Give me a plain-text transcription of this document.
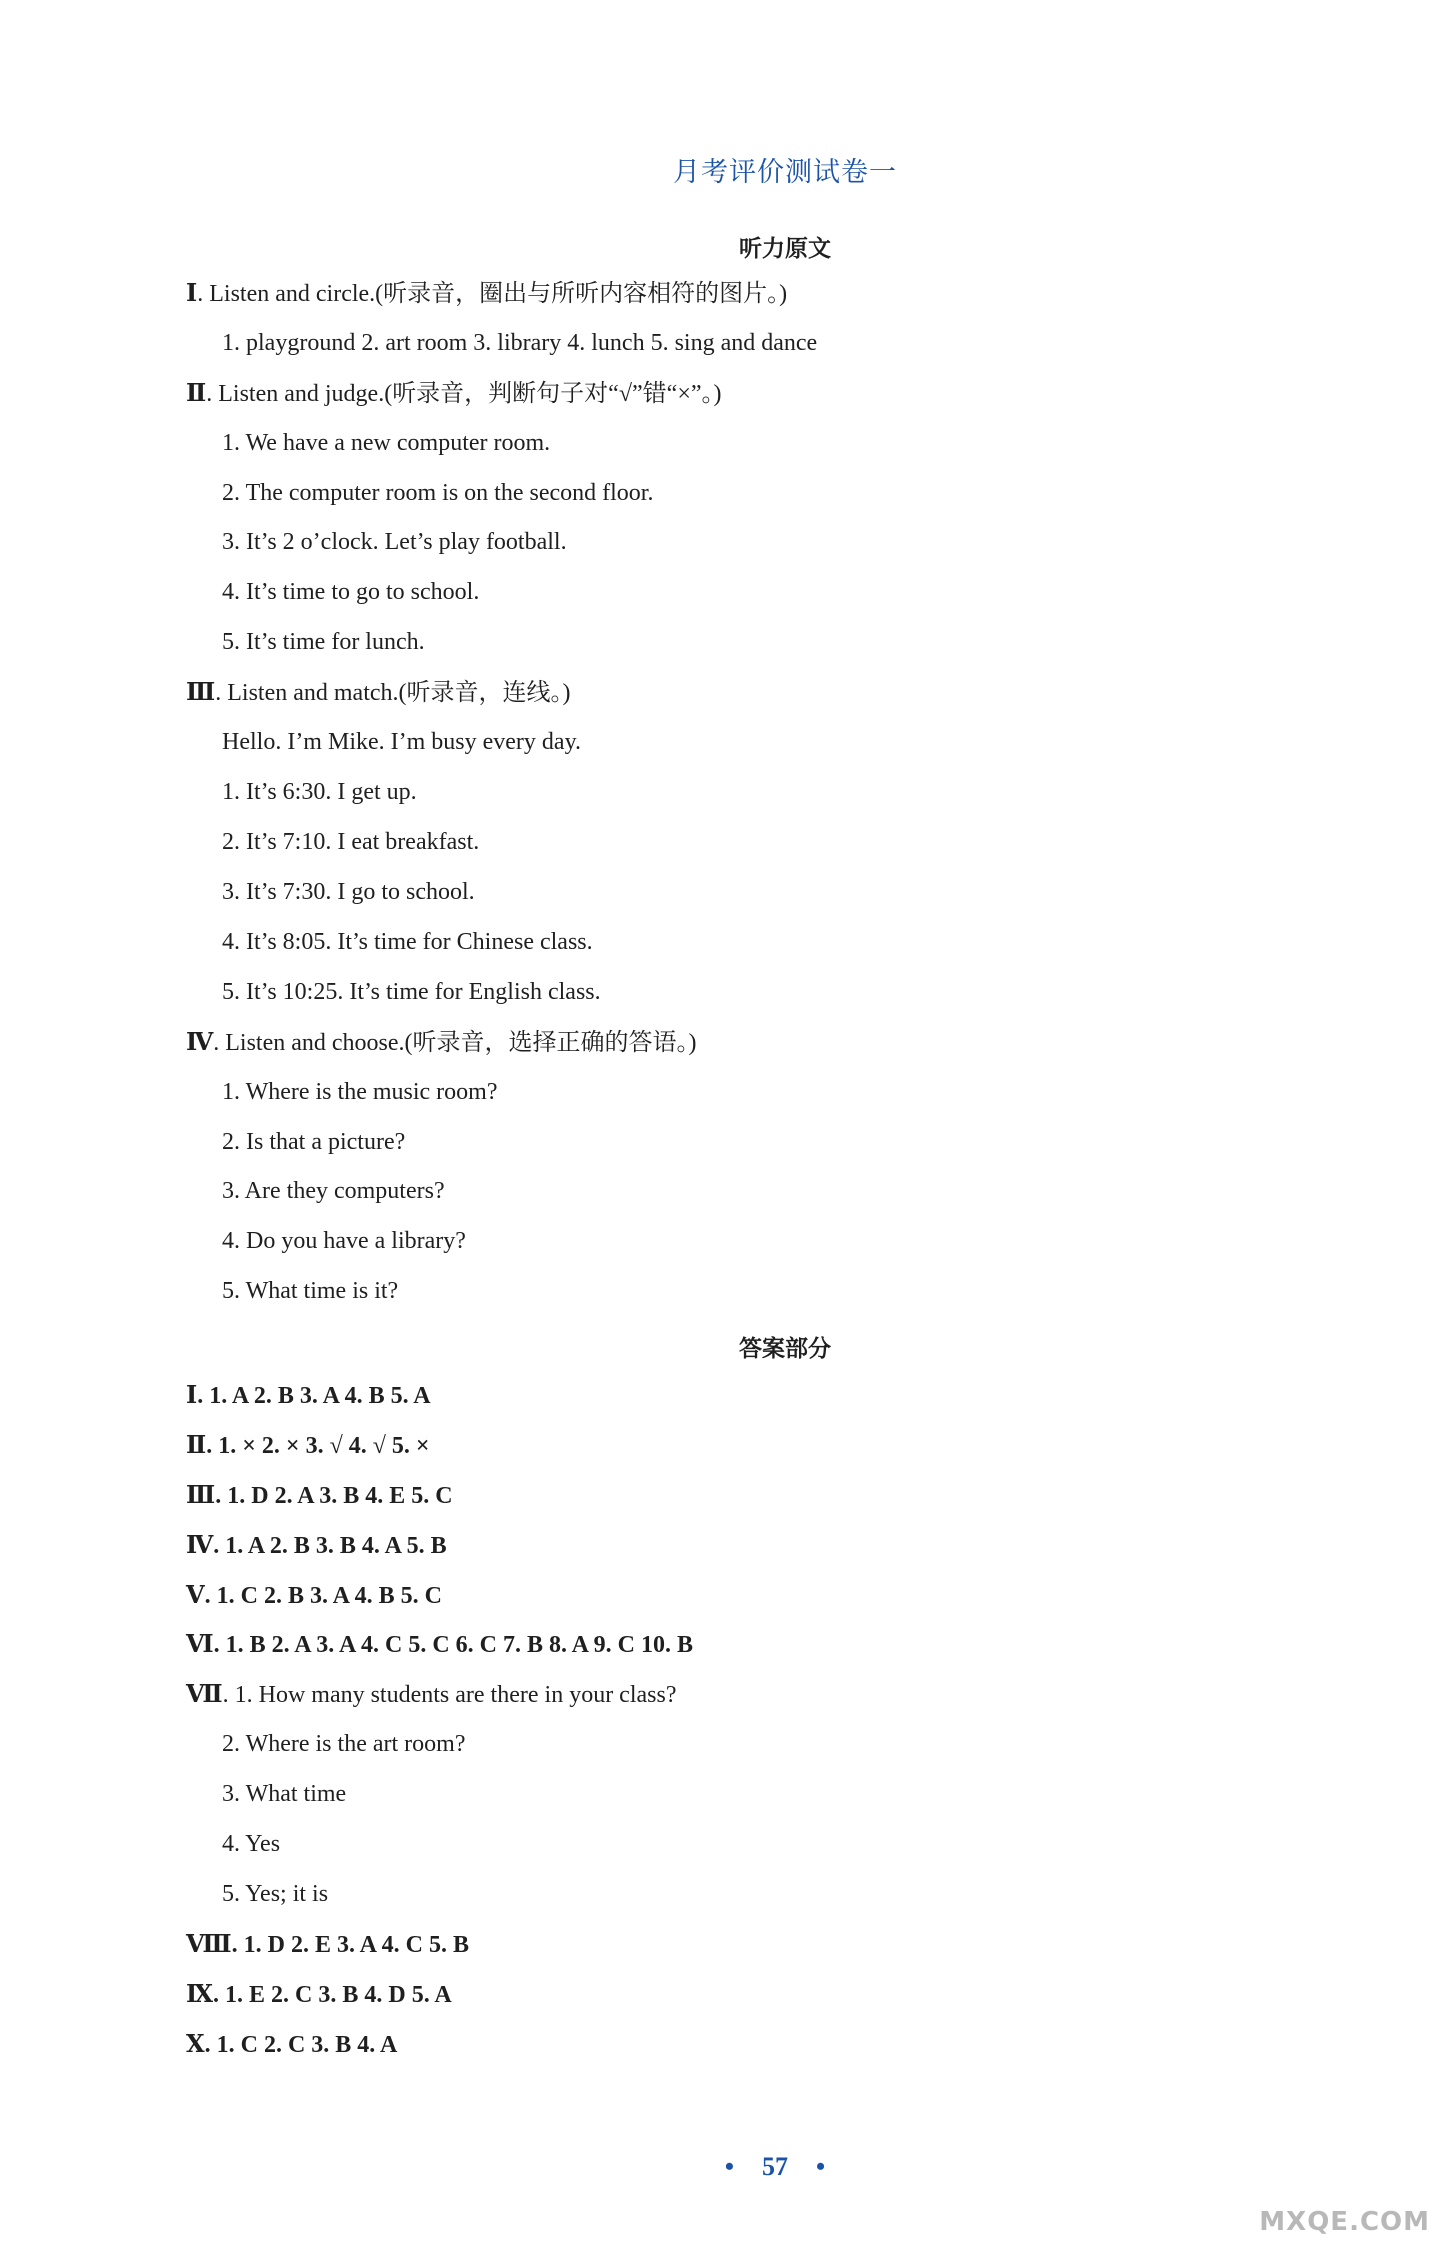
月考评价测试卷一
听力原文
Ⅰ. Listen and circle.(听录音，圈出与所听内容相符的图片。)
1. playground 2. art room 3. library 4. lunch 5. sing and dance
Ⅱ. Listen and judge.(听录音，判断句子对“√”错“×”。)
1. We have a new computer room.
2. The computer room is on the second floor.
3. It’s 2 o’clock. Let’s play football.
4. It’s time to go to school.
5. It’s time for lunch.
Ⅲ. Listen and match.(听录音，连线。)
Hello. I’m Mike. I’m busy every day.
1. It’s 6:30. I get up.
2. It’s 7:10. I eat breakfast.
3. It’s 7:30. I go to school.
4. It’s 8:05. It’s time for Chinese class.
5. It’s 10:25. It’s time for English class.
Ⅳ. Listen and choose.(听录音，选择正确的答语。)
1. Where is the music room?
2. Is that a picture?
3. Are they computers?
4. Do you have a library?
5. What time is it?
答案部分
Ⅰ. 1. A 2. B 3. A 4. B 5. A
Ⅱ. 1. × 2. × 3. √ 4. √ 5. ×
Ⅲ. 1. D 2. A 3. B 4. E 5. C
Ⅳ. 1. A 2. B 3. B 4. A 5. B
Ⅴ. 1. C 2. B 3. A 4. B 5. C
Ⅵ. 1. B 2. A 3. A 4. C 5. C 6. C 7. B 8. A 9. C 10. B
Ⅶ. 1. How many students are there in your class?
2. Where is the art room?
3. What time
4. Yes
5. Yes; it is
Ⅷ. 1. D 2. E 3. A 4. C 5. B
Ⅸ. 1. E 2. C 3. B 4. D 5. A
Ⅹ. 1. C 2. C 3. B 4. A
• 57 •
MXQE.COM
